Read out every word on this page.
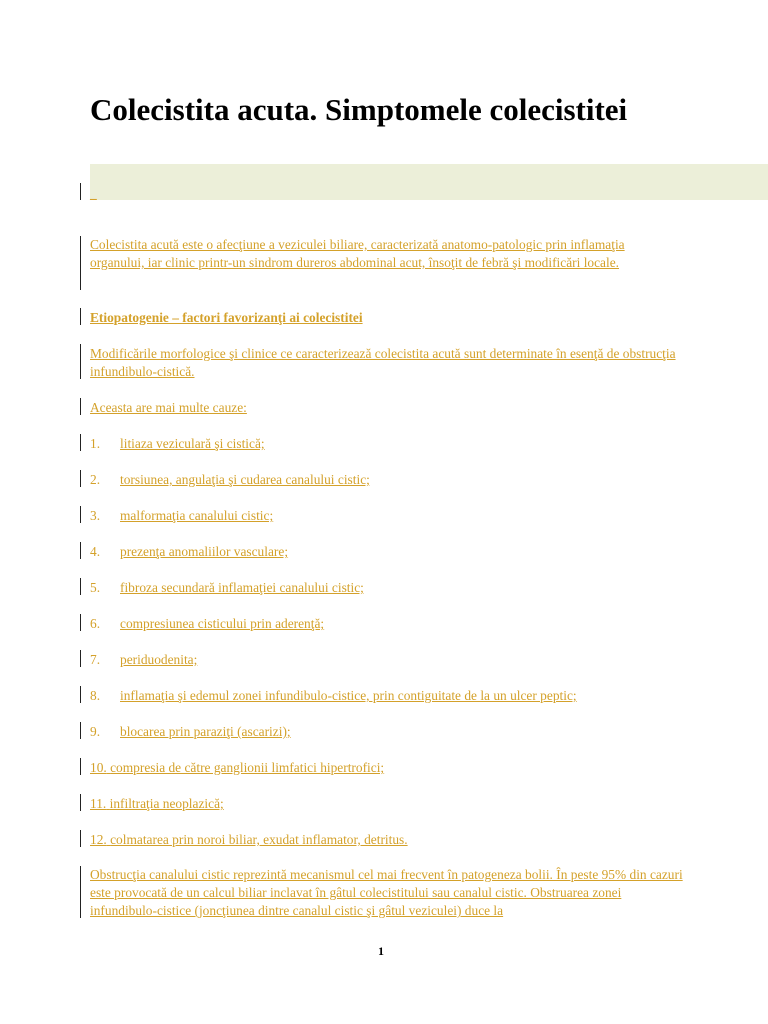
Colecistita acuta. Simptomele colecistitei
_
Colecistita acută este o afecţiune a veziculei biliare, caracterizată anatomo-patologic prin inflamaţia organului, iar clinic printr-un sindrom dureros abdominal acut, însoţit de febră şi modificări locale.
Etiopatogenie – factori favorizanţi ai colecistitei
Modificările morfologice şi clinice ce caracterizează colecistita acută sunt determinate în esenţă de obstrucţia infundibulo-cistică.
Aceasta are mai multe cauze:
1. litiaza veziculară şi cistică;
2. torsiunea, angulaţia şi cudarea canalului cistic;
3. malformaţia canalului cistic;
4. prezenţa anomaliilor vasculare;
5. fibroza secundară inflamaţiei canalului cistic;
6. compresiunea cisticului prin aderenţă;
7. periduodenita;
8. inflamaţia şi edemul zonei infundibulo-cistice, prin contiguitate de la un ulcer peptic;
9. blocarea prin paraziţi (ascarizi);
10. compresia de către ganglionii limfatici hipertrofici;
11. infiltraţia neoplazică;
12. colmatarea prin noroi biliar, exudat inflamator, detritus.
Obstrucţia canalului cistic reprezintă mecanismul cel mai frecvent în patogeneza bolii. În peste 95% din cazuri este provocată de un calcul biliar inclavat în gâtul colecistitului sau canalul cistic. Obstruarea zonei infundibulo-cistice (joncţiunea dintre canalul cistic şi gâtul veziculei) duce la
1
